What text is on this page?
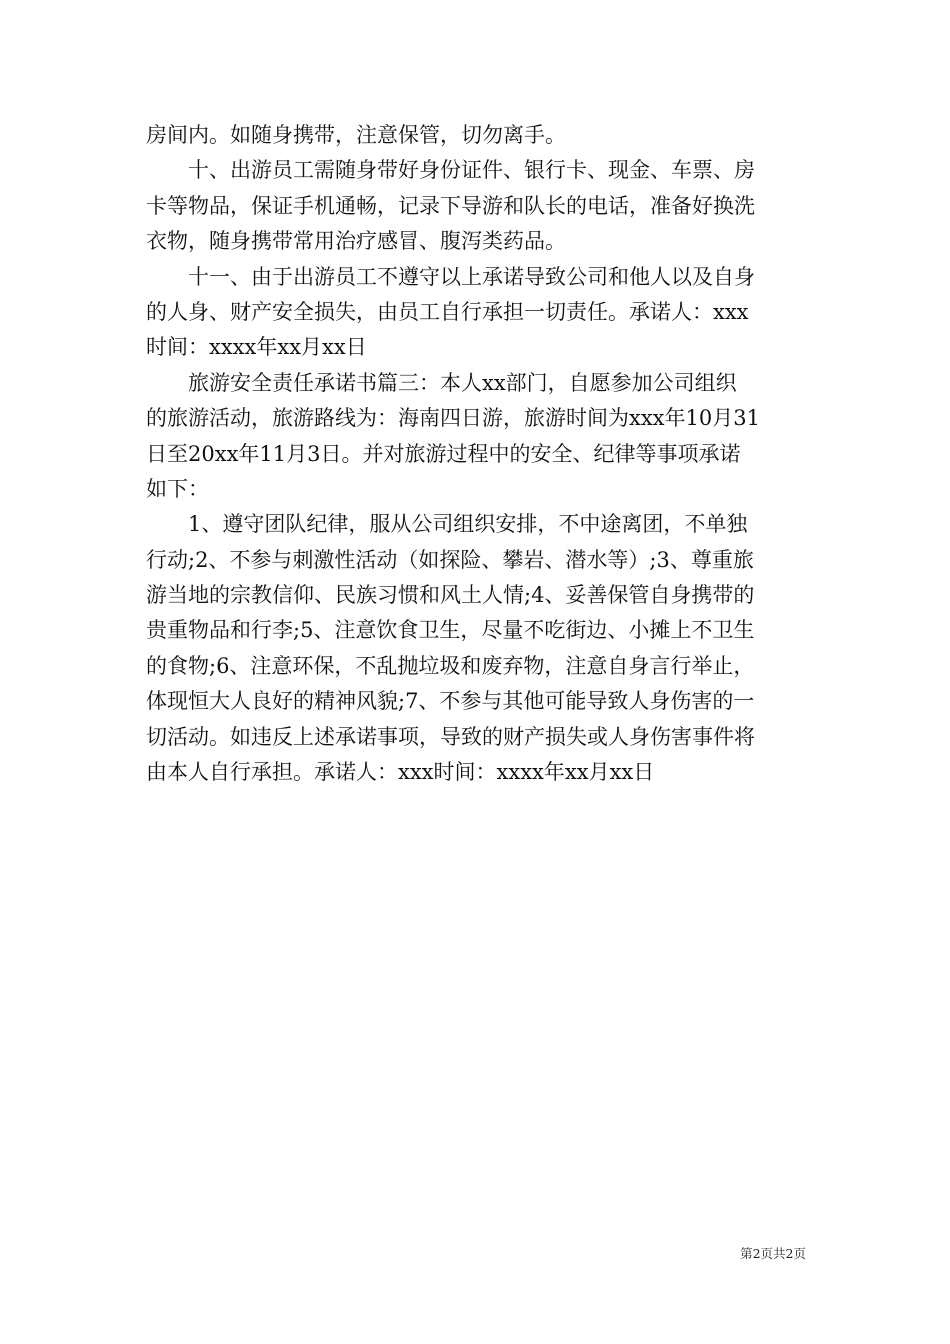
房间内。如随身携带，注意保管，切勿离手。
　　十、出游员工需随身带好身份证件、银行卡、现金、车票、房
卡等物品，保证手机通畅，记录下导游和队长的电话，准备好换洗
衣物，随身携带常用治疗感冒、腹泻类药品。
　　十一、由于出游员工不遵守以上承诺导致公司和他人以及自身
的人身、财产安全损失，由员工自行承担一切责任。承诺人：xxx
时间：xxxx年xx月xx日
　　旅游安全责任承诺书篇三：本人xx部门，自愿参加公司组织
的旅游活动，旅游路线为：海南四日游，旅游时间为xxx年10月31
日至20xx年11月3日。并对旅游过程中的安全、纪律等事项承诺
如下：
　　1、遵守团队纪律，服从公司组织安排，不中途离团，不单独
行动;2、不参与刺激性活动（如探险、攀岩、潜水等）;3、尊重旅
游当地的宗教信仰、民族习惯和风土人情;4、妥善保管自身携带的
贵重物品和行李;5、注意饮食卫生，尽量不吃街边、小摊上不卫生
的食物;6、注意环保，不乱抛垃圾和废弃物，注意自身言行举止，
体现恒大人良好的精神风貌;7、不参与其他可能导致人身伤害的一
切活动。如违反上述承诺事项，导致的财产损失或人身伤害事件将
由本人自行承担。承诺人：xxx时间：xxxx年xx月xx日
第2页共2页
